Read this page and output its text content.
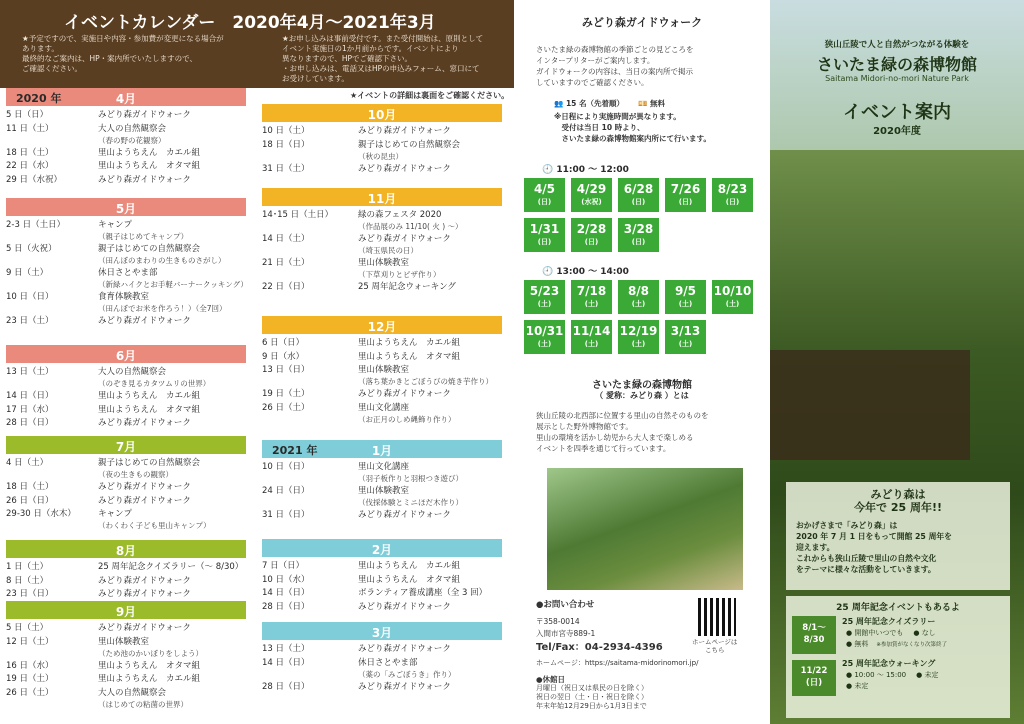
イベントカレンダー　2020年4月～2021年3月
★予定ですので、実施日や内容・参加費が変更になる場合が
あります。
最終的なご案内は、HP・案内所でいたしますので、
ご確認ください。
★お申し込みは事前受付です。また受付開始は、原則として
イベント実施日の1か月前からです。イベントにより
異なりますので、HPでご確認下さい。
・お申し込みは、電話又はHPの申込みフォーム、窓口にて
お受けしています。
★イベントの詳細は裏面をご確認ください。
2020 年	4月
5 日（日）	みどり森ガイドウォーク
11 日（土）	大人の自然観察会
（春の野の花観察）
18 日（土）	里山ようちえん　カエル組
22 日（水）	里山ようちえん　オタマ組
29 日（水祝）	みどり森ガイドウォーク
5月
2-3 日（土日）	キャンプ
（親子はじめてキャンプ）
5 日（火祝）	親子はじめての自然観察会
（田んぼのまわりの生きものさがし）
9 日（土）	休日さとやま部
（新緑ハイクとお手軽バーナークッキング）
10 日（日）	食育体験教室
（田んぼでお米を作ろう！）（全7回）
23 日（土）	みどり森ガイドウォーク
6月
13 日（土）	大人の自然観察会
（のぞき見るカタツムリの世界）
14 日（日）	里山ようちえん　カエル組
17 日（水）	里山ようちえん　オタマ組
28 日（日）	みどり森ガイドウォーク
7月
4 日（土）	親子はじめての自然観察会
（夜の生きもの観察）
18 日（土）	みどり森ガイドウォーク
26 日（日）	みどり森ガイドウォーク
29-30 日（水木）	キャンプ
（わくわく子ども里山キャンプ）
8月
1 日（土）	25 周年記念クイズラリー（～ 8/30）
8 日（土）	みどり森ガイドウォーク
23 日（日）	みどり森ガイドウォーク
9月
5 日（土）	みどり森ガイドウォーク
12 日（土）	里山体験教室
（ため池のかいぼりをしよう）
16 日（水）	里山ようちえん　オタマ組
19 日（土）	里山ようちえん　カエル組
26 日（土）	大人の自然観察会
（はじめての粘菌の世界）
10月
10 日（土）	みどり森ガイドウォーク
18 日（日）	親子はじめての自然観察会
（秋の昆虫）
31 日（土）	みどり森ガイドウォーク
11月
14･15 日（土日）	緑の森フェスタ 2020
（作品展のみ 11/10( 火 ) ～）
14 日（土）	みどり森ガイドウォーク
（埼玉県民の日）
21 日（土）	里山体験教室
（下草刈りとピザ作り）
22 日（日）	25 周年記念ウォーキング
12月
6 日（日）	里山ようちえん　カエル組
9 日（水）	里山ようちえん　オタマ組
13 日（日）	里山体験教室
（落ち葉かきとごぼうびの焼き芋作り）
19 日（土）	みどり森ガイドウォーク
26 日（土）	里山文化講座
（お正月のしめ縄飾り作り）
2021 年	1月
10 日（日）	里山文化講座
（羽子板作りと羽根つき遊び）
24 日（日）	里山体験教室
（伐採体験とミニほだ木作り）
31 日（日）	みどり森ガイドウォーク
2月
7 日（日）	里山ようちえん　カエル組
10 日（水）	里山ようちえん　オタマ組
14 日（日）	ボランティア養成講座（全 3 回）
28 日（日）	みどり森ガイドウォーク
3月
13 日（土）	みどり森ガイドウォーク
14 日（日）	休日さとやま部
（薬の「みごぼうき」作り）
28 日（日）	みどり森ガイドウォーク
みどり森ガイドウォーク
さいたま緑の森博物館の季節ごとの見どころを
インタープリターがご案内します。
ガイドウォークの内容は、当日の案内所で掲示
していますのでご確認ください。
👥 15 名（先着順） 💴 無料
※日程により実施時間が異なります。
　受付は当日 10 時より、
　さいたま緑の森博物館案内所にて行います。
🕘 11:00 ～ 12:00
4/5
(日)
4/29
(水祝)
6/28
(日)
7/26
(日)
8/23
(日)
1/31
(日)
2/28
(日)
3/28
(日)
🕘 13:00 ～ 14:00
5/23
(土)
7/18
(土)
8/8
(土)
9/5
(土)
10/10
(土)
10/31
(土)
11/14
(土)
12/19
(土)
3/13
(土)
さいたま緑の森博物館
（ 愛称：みどり森 ）とは
狭山丘陵の北西部に位置する里山の自然そのものを
展示とした野外博物館です。
里山の環境を活かし幼児から大人まで楽しめる
イベントを四季を通じて行っています。
●お問い合わせ
〒358-0014
入間市宮寺889-1
Tel/Fax：04-2934-4396
ホームページ：https://saitama-midorinomori.jp/
ホームページは
こちら
●休館日
月曜日（祝日又は県民の日を除く）
祝日の翌日（土・日・祝日を除く）
年末年始12月29日から1月3日まで
狭山丘陵で人と自然がつながる体験を
さいたま緑の森博物館
Saitama Midori-no-mori Nature Park
イベント案内
2020年度
みどり森は
今年で 25 周年!!
おかげさまで「みどり森」は
2020 年 7 月 1 日をもって開館 25 周年を
迎えます。
これからも狭山丘陵で里山の自然や文化
をテーマに様々な活動をしていきます。
25 周年記念イベントもあるよ
8/1～
8/30
25 周年記念クイズラリー
● 開館中いつでも ● なし
● 無料 ※参加賞がなくなり次第終了
11/22
(日)
25 周年記念ウォーキング
● 10:00 ～ 15:00 ● 未定
● 未定
